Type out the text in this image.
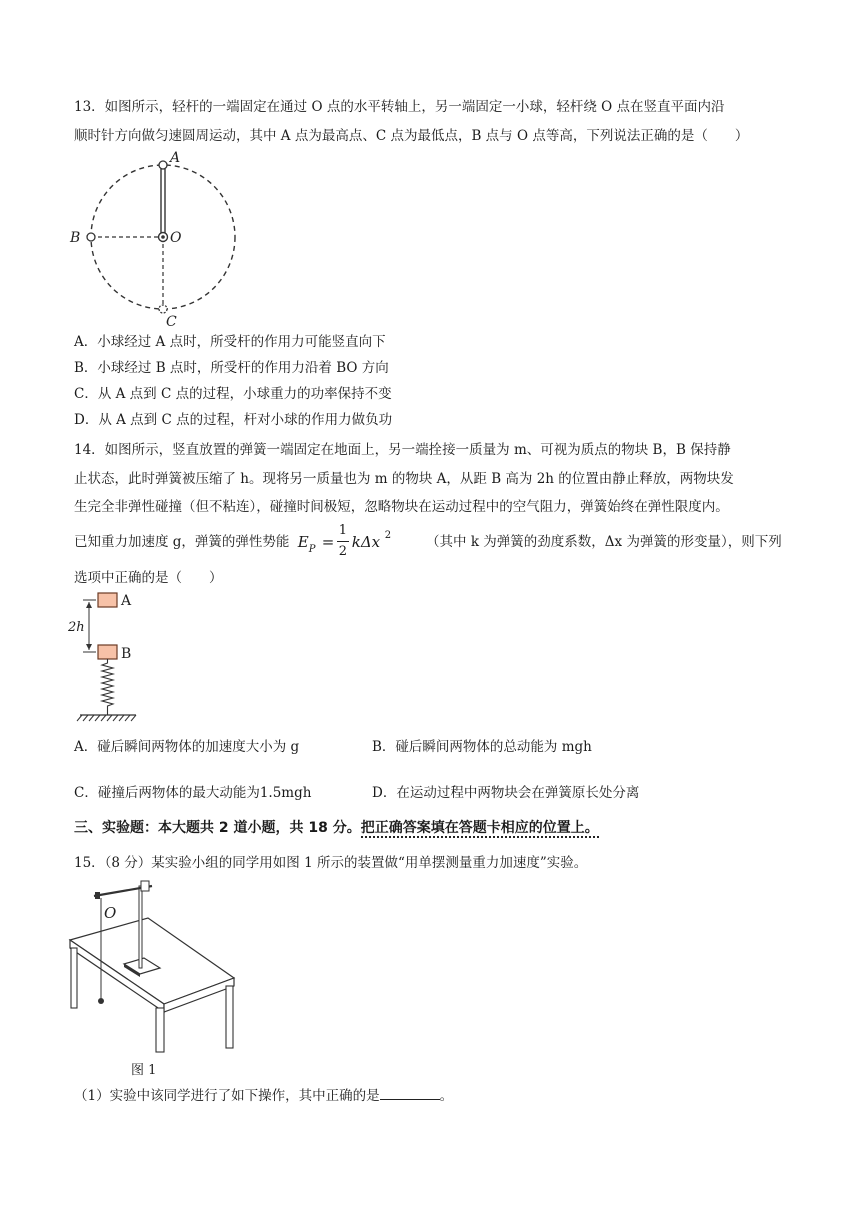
13．如图所示，轻杆的一端固定在通过 O 点的水平转轴上，另一端固定一小球，轻杆绕 O 点在竖直平面内沿
顺时针方向做匀速圆周运动，其中 A 点为最高点、C 点为最低点，B 点与 O 点等高，下列说法正确的是（　　）
A
B	O
C
A．小球经过 A 点时，所受杆的作用力可能竖直向下
B．小球经过 B 点时，所受杆的作用力沿着 BO 方向
C．从 A 点到 C 点的过程，小球重力的功率保持不变
D．从 A 点到 C 点的过程，杆对小球的作用力做负功
14．如图所示，竖直放置的弹簧一端固定在地面上，另一端拴接一质量为 m、可视为质点的物块 B，B 保持静
止状态，此时弹簧被压缩了 h。现将另一质量也为 m 的物块 A，从距 B 高为 2h 的位置由静止释放，两物块发
生完全非弹性碰撞（但不粘连），碰撞时间极短，忽略物块在运动过程中的空气阻力，弹簧始终在弹性限度内。
已知重力加速度 g，弹簧的弹性势能 E P =
1
2
kΔx 2	（其中 k 为弹簧的劲度系数，Δx 为弹簧的形变量），则下列
选项中正确的是（　　）
A
B
2h
A．碰后瞬间两物体的加速度大小为 g	B．碰后瞬间两物体的总动能为 mgh
C．碰撞后两物体的最大动能为1.5mgh	D．在运动过程中两物块会在弹簧原长处分离
三、实验题：本大题共 2 道小题，共 18 分。把正确答案填在答题卡相应的位置上。
15．（8 分）某实验小组的同学用如图 1 所示的装置做“用单摆测量重力加速度”实验。
O
图 1
（1）实验中该同学进行了如下操作，其中正确的是	。
